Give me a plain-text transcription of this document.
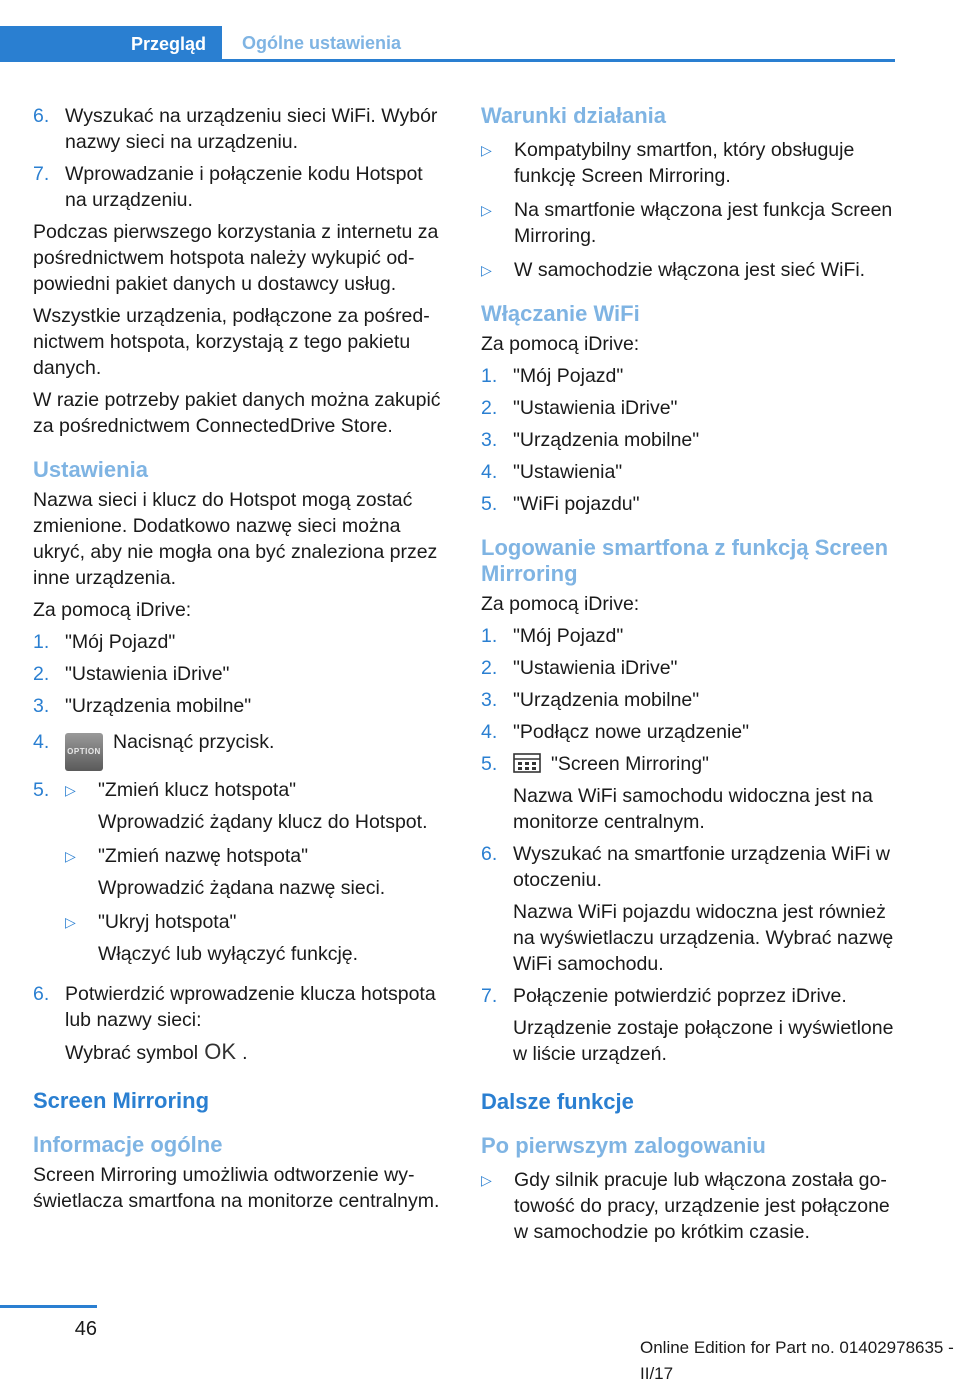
Przegląd	Ogólne ustawienia
6. Wyszukać na urządzeniu sieci WiFi. Wybór nazwy sieci na urządzeniu.
7. Wprowadzanie i połączenie kodu Hotspot na urządzeniu.

Podczas pierwszego korzystania z internetu za pośrednictwem hotspota należy wykupić odpowiedni pakiet danych u dostawcy usług.

Wszystkie urządzenia, podłączone za pośrednictwem hotspota, korzystają z tego pakietu danych.

W razie potrzeby pakiet danych można zakupić za pośrednictwem ConnectedDrive Store.

Ustawienia

Nazwa sieci i klucz do Hotspot mogą zostać zmienione. Dodatkowo nazwę sieci można ukryć, aby nie mogła ona być znaleziona przez inne urządzenia.

Za pomocą iDrive:

1. "Mój Pojazd"
2. "Ustawienia iDrive"
3. "Urządzenia mobilne"
4.	OPTION Nacisnąć przycisk.
5.	▷	"Zmień klucz hotspota"
Wprowadzić żądany klucz do Hotspot.
▷	"Zmień nazwę hotspota"
Wprowadzić żądana nazwę sieci.
▷	"Ukryj hotspota"
Włączyć lub wyłączyć funkcję.
6. Potwierdzić wprowadzenie klucza hotspota lub nazwy sieci:
Wybrać symbol OK .
Screen Mirroring
Informacje ogólne

Screen Mirroring umożliwia odtworzenie wyświetlacza smartfona na monitorze centralnym.

Warunki działania
▷	Kompatybilny smartfon, który obsługuje funkcję Screen Mirroring.
▷	Na smartfonie włączona jest funkcja Screen Mirroring.
▷	W samochodzie włączona jest sieć WiFi.
Włączanie WiFi

Za pomocą iDrive:

1. "Mój Pojazd"
2. "Ustawienia iDrive"
3. "Urządzenia mobilne"
4. "Ustawienia"
5. "WiFi pojazdu"
Logowanie smartfona z funkcją Screen Mirroring

Za pomocą iDrive:

1. "Mój Pojazd"
2. "Ustawienia iDrive"
3. "Urządzenia mobilne"
4. "Podłącz nowe urządzenie"
5.	"Screen Mirroring"
Nazwa WiFi samochodu widoczna jest na monitorze centralnym.
6. Wyszukać na smartfonie urządzenia WiFi w otoczeniu.
Nazwa WiFi pojazdu widoczna jest również na wyświetlaczu urządzenia. Wybrać nazwę WiFi samochodu.
7. Połączenie potwierdzić poprzez iDrive.
Urządzenie zostaje połączone i wyświetlone w liście urządzeń.
Dalsze funkcje
Po pierwszym zalogowaniu
▷	Gdy silnik pracuje lub włączona została gotowość do pracy, urządzenie jest połączone w samochodzie po krótkim czasie.
46
Online Edition for Part no. 01402978635 - II/17
